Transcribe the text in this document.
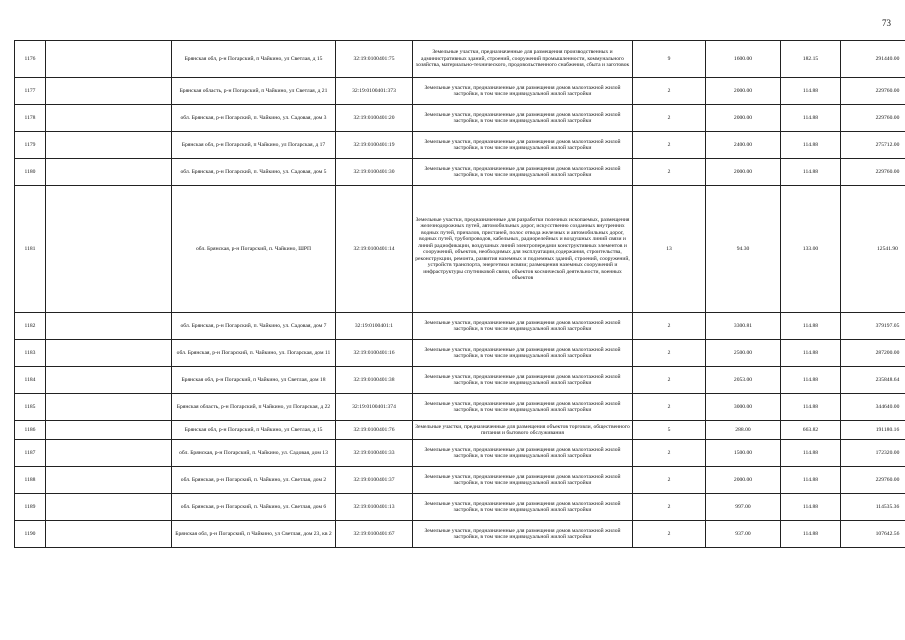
73
1176		Брянская обл, р-н Погарский, п Чайкино, ул Светлая, д 15	32:19:0100401:75	Земельные участки, предназначенные для размещения производственных и административных зданий, строений, сооружений промышленности, коммунального хозяйства, материально-технического, продовольственного снабжения, сбыта и заготовок	9	1600.00	182.15	291440.00
1177		Брянская область, р-н Погарский, п Чайкино, ул Светлая, д 21	32:19:0100401:373	Земельные участки, предназначенные для размещения домов малоэтажной жилой застройки, в том числе индивидуальной жилой застройки	2	2000.00	114.88	229760.00
1178		обл. Брянская, р-н Погарский, п. Чайкино, ул. Садовая, дом 3	32:19:0100401:20	Земельные участки, предназначенные для размещения домов малоэтажной жилой застройки, в том числе индивидуальной жилой застройки	2	2000.00	114.88	229760.00
1179		Брянская обл, р-н Погарский, п Чайкино, ул Погарская, д 17	32:19:0100401:19	Земельные участки, предназначенные для размещения домов малоэтажной жилой застройки, в том числе индивидуальной жилой застройки	2	2400.00	114.88	275712.00
1180		обл. Брянская, р-н Погарский, п. Чайкино, ул. Садовая, дом 5	32:19:0100401:30	Земельные участки, предназначенные для размещения домов малоэтажной жилой застройки, в том числе индивидуальной жилой застройки	2	2000.00	114.88	229760.00
1181		обл. Брянская, р-н Погарский, п. Чайкино, ШРП	32:19:0100401:14	Земельные участки, предназначенные для разработки полезных ископаемых, размещения железнодорожных путей, автомобильных дорог, искусственно созданных внутренних водных путей, причалов, пристаней, полос отвода железных и автомобильных дорог, водных путей, трубопроводов, кабельных, радиорелейных и воздушных линий связи и линий радиофикации, воздушных линий электропередачи конструктивных элементов и сооружений, объектов, необходимых для эксплуатации,содержания, строительства, реконструкции, ремонта, развития наземных и подземных зданий, строений, сооружений, устройств транспорта, энергетики исвязи; размещения наземных сооружений и инфраструктуры спутниковой связи, объектов космической деятельности, военных объектов	13	94.30	133.00	12541.90
1182		обл. Брянская, р-н Погарский, п. Чайкино, ул. Садовая, дом 7	32:19:0100401:1	Земельные участки, предназначенные для размещения домов малоэтажной жилой застройки, в том числе индивидуальной жилой застройки	2	3300.81	114.88	379197.05
1183		обл. Брянская, р-н Погарский, п. Чайкино, ул. Погарская, дом 11	32:19:0100401:16	Земельные участки, предназначенные для размещения домов малоэтажной жилой застройки, в том числе индивидуальной жилой застройки	2	2500.00	114.88	287200.00
1184		Брянская обл, р-н Погарский, п Чайкино, ул Светлая, дом 18	32:19:0100401:38	Земельные участки, предназначенные для размещения домов малоэтажной жилой застройки, в том числе индивидуальной жилой застройки	2	2053.00	114.88	235848.64
1185		Брянская область, р-н Погарский, п Чайкино, ул Погарская, д 22	32:19:0100401:374	Земельные участки, предназначенные для размещения домов малоэтажной жилой застройки, в том числе индивидуальной жилой застройки	2	3000.00	114.88	344640.00
1186		Брянская обл, р-н Погарский, п Чайкино, ул Светлая, д 15	32:19:0100401:76	Земельные участки, предназначенные для размещения объектов торговли, общественного питания и бытового обслуживания	5	288.00	663.82	191180.16
1187		обл. Брянская, р-н Погарский, п. Чайкино, ул. Садовая, дом 13	32:19:0100401:33	Земельные участки, предназначенные для размещения домов малоэтажной жилой застройки, в том числе индивидуальной жилой застройки	2	1500.00	114.88	172320.00
1188		обл. Брянская, р-н Погарский, п. Чайкино, ул. Светлая, дом 2	32:19:0100401:37	Земельные участки, предназначенные для размещения домов малоэтажной жилой застройки, в том числе индивидуальной жилой застройки	2	2000.00	114.88	229760.00
1189		обл. Брянская, р-н Погарский, п. Чайкино, ул. Светлая, дом 6	32:19:0100401:13	Земельные участки, предназначенные для размещения домов малоэтажной жилой застройки, в том числе индивидуальной жилой застройки	2	997.00	114.88	114535.36
1190		Брянская обл, р-н Погарский, п Чайкино, ул Светлая, дом 23, кв 2	32:19:0100401:67	Земельные участки, предназначенные для размещения домов малоэтажной жилой застройки, в том числе индивидуальной жилой застройки	2	937.00	114.88	107642.56
